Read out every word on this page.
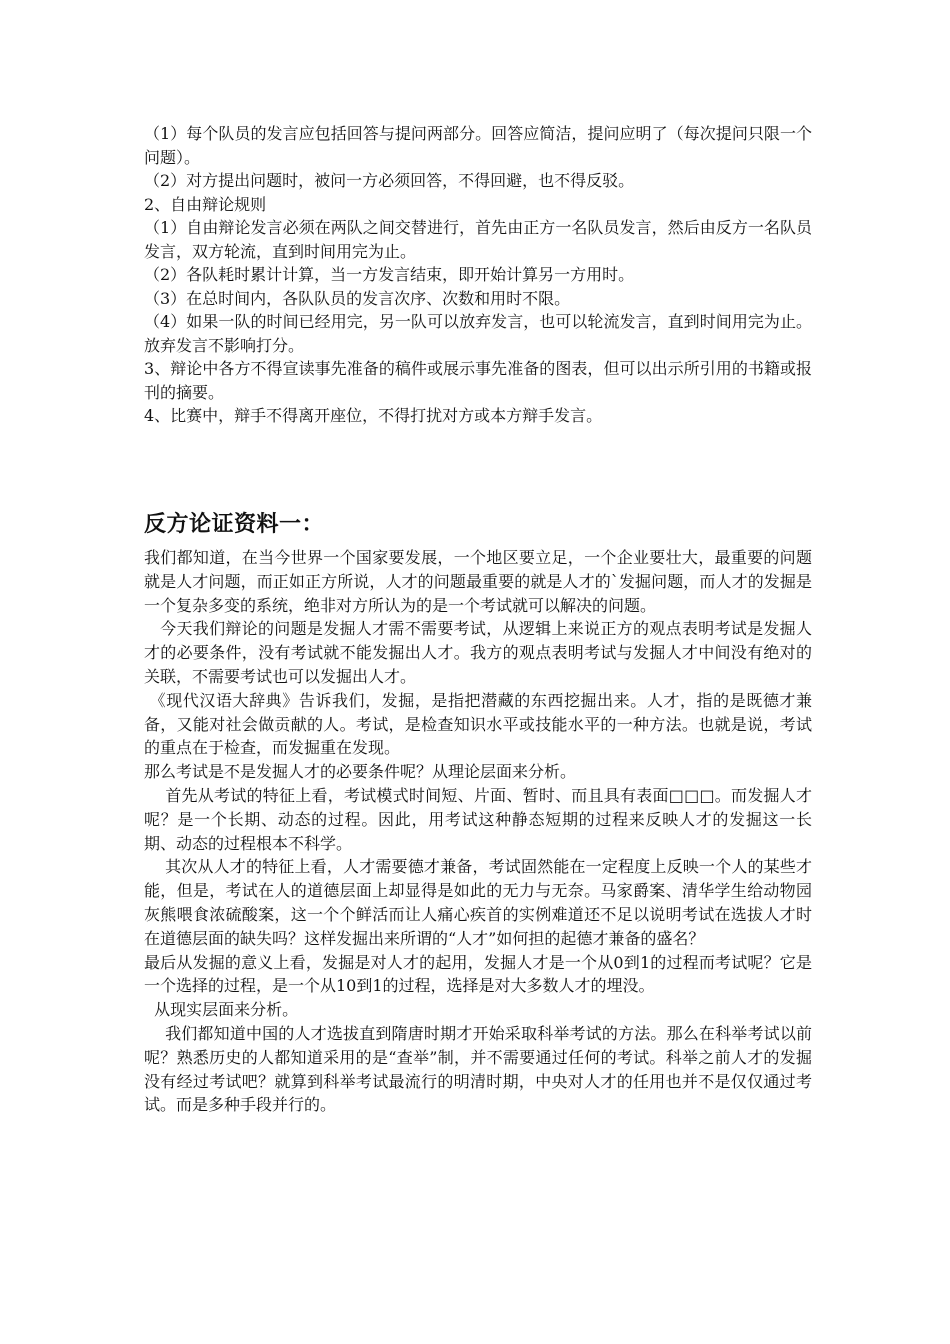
（1）每个队员的发言应包括回答与提问两部分。回答应简洁，提问应明了（每次提问只限一个问题）。

（2）对方提出问题时，被问一方必须回答，不得回避，也不得反驳。

2、自由辩论规则

（1）自由辩论发言必须在两队之间交替进行，首先由正方一名队员发言，然后由反方一名队员发言，双方轮流，直到时间用完为止。

（2）各队耗时累计计算，当一方发言结束，即开始计算另一方用时。

（3）在总时间内，各队队员的发言次序、次数和用时不限。

（4）如果一队的时间已经用完，另一队可以放弃发言，也可以轮流发言，直到时间用完为止。放弃发言不影响打分。

3、辩论中各方不得宣读事先准备的稿件或展示事先准备的图表，但可以出示所引用的书籍或报刊的摘要。

4、比赛中，辩手不得离开座位，不得打扰对方或本方辩手发言。

反方论证资料一：

我们都知道，在当今世界一个国家要发展，一个地区要立足，一个企业要壮大，最重要的问题就是人才问题，而正如正方所说，人才的问题最重要的就是人才的`发掘问题，而人才的发掘是一个复杂多变的系统，绝非对方所认为的是一个考试就可以解决的问题。

今天我们辩论的问题是发掘人才需不需要考试，从逻辑上来说正方的观点表明考试是发掘人才的必要条件，没有考试就不能发掘出人才。我方的观点表明考试与发掘人才中间没有绝对的关联，不需要考试也可以发掘出人才。

《现代汉语大辞典》告诉我们，发掘，是指把潜藏的东西挖掘出来。人才，指的是既德才兼备，又能对社会做贡献的人。考试，是检查知识水平或技能水平的一种方法。也就是说，考试的重点在于检查，而发掘重在发现。

那么考试是不是发掘人才的必要条件呢？从理论层面来分析。

首先从考试的特征上看，考试模式时间短、片面、暂时、而且具有表面□□□。而发掘人才呢？是一个长期、动态的过程。因此，用考试这种静态短期的过程来反映人才的发掘这一长期、动态的过程根本不科学。

其次从人才的特征上看，人才需要德才兼备，考试固然能在一定程度上反映一个人的某些才能，但是，考试在人的道德层面上却显得是如此的无力与无奈。马家爵案、清华学生给动物园灰熊喂食浓硫酸案，这一个个鲜活而让人痛心疾首的实例难道还不足以说明考试在选拔人才时在道德层面的缺失吗？这样发掘出来所谓的“人才”如何担的起德才兼备的盛名？

最后从发掘的意义上看，发掘是对人才的起用，发掘人才是一个从0到1的过程而考试呢？它是一个选择的过程，是一个从10到1的过程，选择是对大多数人才的埋没。

从现实层面来分析。

我们都知道中国的人才选拔直到隋唐时期才开始采取科举考试的方法。那么在科举考试以前呢？熟悉历史的人都知道采用的是“查举”制，并不需要通过任何的考试。科举之前人才的发掘没有经过考试吧？就算到科举考试最流行的明清时期，中央对人才的任用也并不是仅仅通过考试。而是多种手段并行的。
